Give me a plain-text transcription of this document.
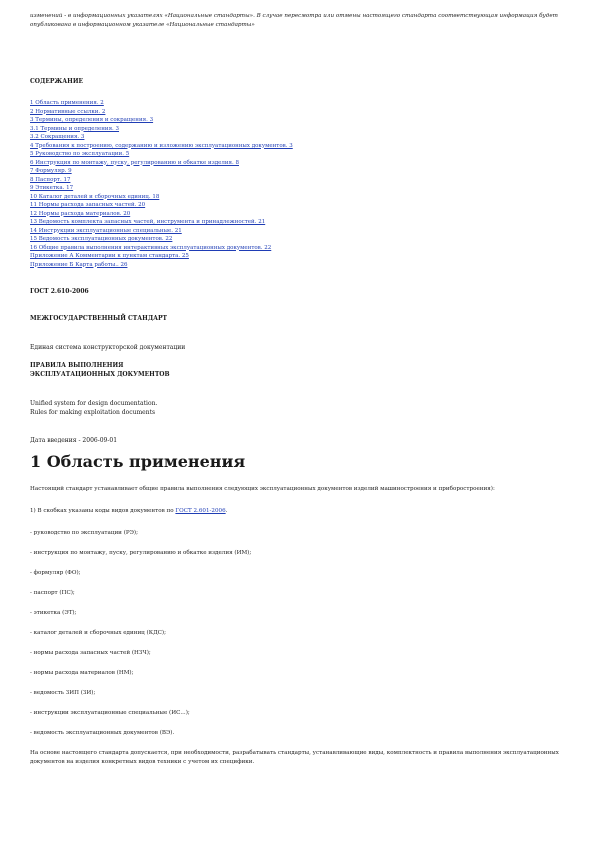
изменений - в информационных указателях «Национальные стандарты». В случае пересмотра или отмены настоящего стандарта соответствующая информация будет опубликована в информационном указателе «Национальные стандарты»
СОДЕРЖАНИЕ
1 Область применения. 2
2 Нормативные ссылки. 2
3 Термины, определения и сокращения. 3
3.1 Термины и определения. 3
3.2 Сокращения. 3
4 Требования к построению, содержанию и изложению эксплуатационных документов. 3
5 Руководство по эксплуатации. 5
6 Инструкция по монтажу, пуску, регулированию и обкатке изделия. 8
7 Формуляр. 9
8 Паспорт. 17
9 Этикетка. 17
10 Каталог деталей и сборочных единиц. 18
11 Нормы расхода запасных частей. 20
12 Нормы расхода материалов. 20
13 Ведомость комплекта запасных частей, инструмента и принадлежностей. 21
14 Инструкции эксплуатационные специальные. 21
15 Ведомость эксплуатационных документов. 22
16 Общие правила выполнения интерактивных эксплуатационных документов. 22
Приложение А Комментарии к пунктам стандарта. 25
Приложение Б Карта работы.. 26
ГОСТ 2.610-2006
МЕЖГОСУДАРСТВЕННЫЙ СТАНДАРТ
Единая система конструкторской документации
ПРАВИЛА ВЫПОЛНЕНИЯ
ЭКСПЛУАТАЦИОННЫХ ДОКУМЕНТОВ
Unified system for design documentation.
Rules for making exploitation documents
Дата введения - 2006-09-01
1 Область применения

Настоящий стандарт устанавливает общие правила выполнения следующих эксплуатационных документов изделий машиностроения и приборостроения):

1) В скобках указаны коды видов документов по ГОСТ 2.601-2006.

- руководство по эксплуатации (РЭ);

- инструкция по монтажу, пуску, регулированию и обкатке изделия (ИМ);

- формуляр (ФО);

- паспорт (ПС);

- этикетка (ЭТ);

- каталог деталей и сборочных единиц (КДС);

- нормы расхода запасных частей (НЗЧ);

- нормы расхода материалов (НМ);

- ведомость ЗИП (ЗИ);

- инструкции эксплуатационные специальные (ИС...);

- ведомость эксплуатационных документов (ВЭ).

На основе настоящего стандарта допускается, при необходимости, разрабатывать стандарты, устанавливающие виды, комплектность и правила выполнения эксплуатационных документов на изделия конкретных видов техники с учетом их специфики.
